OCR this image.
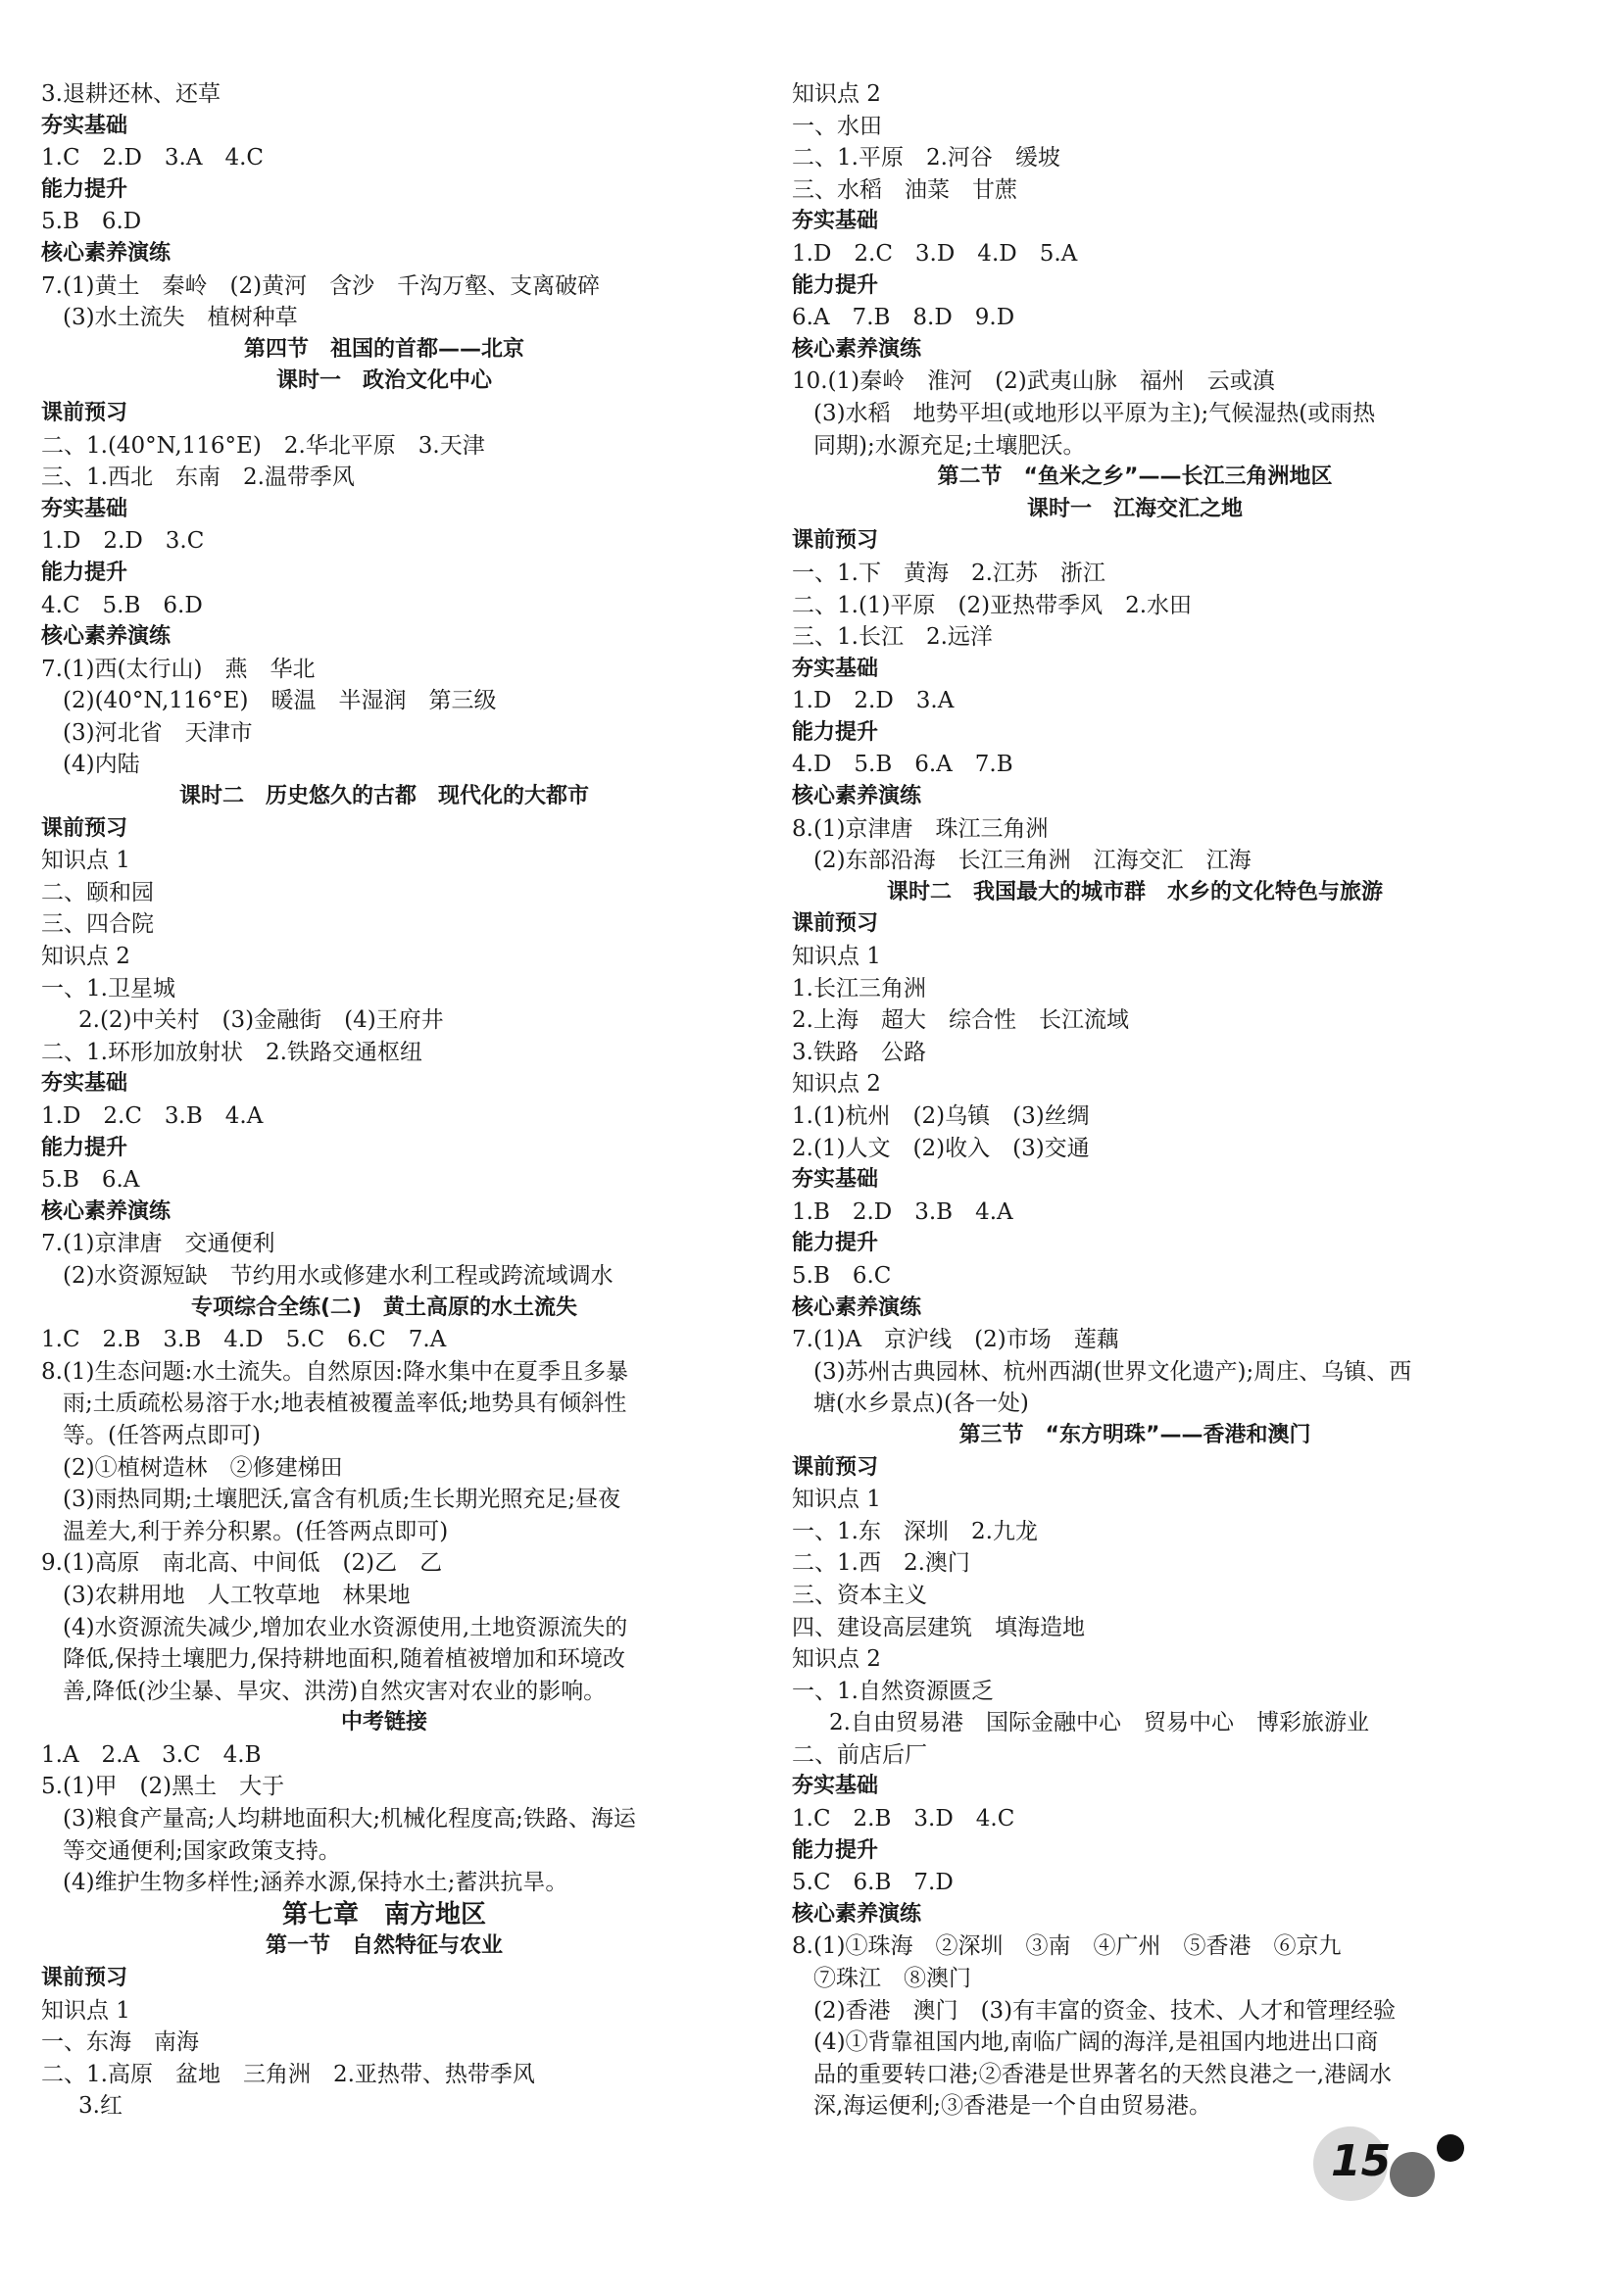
3.退耕还林、还草
夯实基础
1.C　2.D　3.A　4.C
能力提升
5.B　6.D
核心素养演练
7.(1)黄土　秦岭　(2)黄河　含沙　千沟万壑、支离破碎
(3)水土流失　植树种草
第四节　祖国的首都——北京
课时一　政治文化中心
课前预习
二、1.(40°N,116°E)　2.华北平原　3.天津
三、1.西北　东南　2.温带季风
夯实基础
1.D　2.D　3.C
能力提升
4.C　5.B　6.D
核心素养演练
7.(1)西(太行山)　燕　华北
(2)(40°N,116°E)　暖温　半湿润　第三级
(3)河北省　天津市
(4)内陆
课时二　历史悠久的古都　现代化的大都市
课前预习
知识点 1
二、颐和园
三、四合院
知识点 2
一、1.卫星城
2.(2)中关村　(3)金融街　(4)王府井
二、1.环形加放射状　2.铁路交通枢纽
夯实基础
1.D　2.C　3.B　4.A
能力提升
5.B　6.A
核心素养演练
7.(1)京津唐　交通便利
(2)水资源短缺　节约用水或修建水利工程或跨流域调水
专项综合全练(二)　黄土高原的水土流失
1.C　2.B　3.B　4.D　5.C　6.C　7.A
8.(1)生态问题:水土流失。自然原因:降水集中在夏季且多暴
雨;土质疏松易溶于水;地表植被覆盖率低;地势具有倾斜性
等。(任答两点即可)
(2)①植树造林　②修建梯田
(3)雨热同期;土壤肥沃,富含有机质;生长期光照充足;昼夜
温差大,利于养分积累。(任答两点即可)
9.(1)高原　南北高、中间低　(2)乙　乙
(3)农耕用地　人工牧草地　林果地
(4)水资源流失减少,增加农业水资源使用,土地资源流失的
降低,保持土壤肥力,保持耕地面积,随着植被增加和环境改
善,降低(沙尘暴、旱灾、洪涝)自然灾害对农业的影响。
中考链接
1.A　2.A　3.C　4.B
5.(1)甲　(2)黑土　大于
(3)粮食产量高;人均耕地面积大;机械化程度高;铁路、海运
等交通便利;国家政策支持。
(4)维护生物多样性;涵养水源,保持水土;蓄洪抗旱。
第七章　南方地区
第一节　自然特征与农业
课前预习
知识点 1
一、东海　南海
二、1.高原　盆地　三角洲　2.亚热带、热带季风
3.红
知识点 2
一、水田
二、1.平原　2.河谷　缓坡
三、水稻　油菜　甘蔗
夯实基础
1.D　2.C　3.D　4.D　5.A
能力提升
6.A　7.B　8.D　9.D
核心素养演练
10.(1)秦岭　淮河　(2)武夷山脉　福州　云或滇
(3)水稻　地势平坦(或地形以平原为主);气候湿热(或雨热
同期);水源充足;土壤肥沃。
第二节　“鱼米之乡”——长江三角洲地区
课时一　江海交汇之地
课前预习
一、1.下　黄海　2.江苏　浙江
二、1.(1)平原　(2)亚热带季风　2.水田
三、1.长江　2.远洋
夯实基础
1.D　2.D　3.A
能力提升
4.D　5.B　6.A　7.B
核心素养演练
8.(1)京津唐　珠江三角洲
(2)东部沿海　长江三角洲　江海交汇　江海
课时二　我国最大的城市群　水乡的文化特色与旅游
课前预习
知识点 1
1.长江三角洲
2.上海　超大　综合性　长江流域
3.铁路　公路
知识点 2
1.(1)杭州　(2)乌镇　(3)丝绸
2.(1)人文　(2)收入　(3)交通
夯实基础
1.B　2.D　3.B　4.A
能力提升
5.B　6.C
核心素养演练
7.(1)A　京沪线　(2)市场　莲藕
(3)苏州古典园林、杭州西湖(世界文化遗产);周庄、乌镇、西
塘(水乡景点)(各一处)
第三节　“东方明珠”——香港和澳门
课前预习
知识点 1
一、1.东　深圳　2.九龙
二、1.西　2.澳门
三、资本主义
四、建设高层建筑　填海造地
知识点 2
一、1.自然资源匮乏
2.自由贸易港　国际金融中心　贸易中心　博彩旅游业
二、前店后厂
夯实基础
1.C　2.B　3.D　4.C
能力提升
5.C　6.B　7.D
核心素养演练
8.(1)①珠海　②深圳　③南　④广州　⑤香港　⑥京九
⑦珠江　⑧澳门
(2)香港　澳门　(3)有丰富的资金、技术、人才和管理经验
(4)①背靠祖国内地,南临广阔的海洋,是祖国内地进出口商
品的重要转口港;②香港是世界著名的天然良港之一,港阔水
深,海运便利;③香港是一个自由贸易港。
15
